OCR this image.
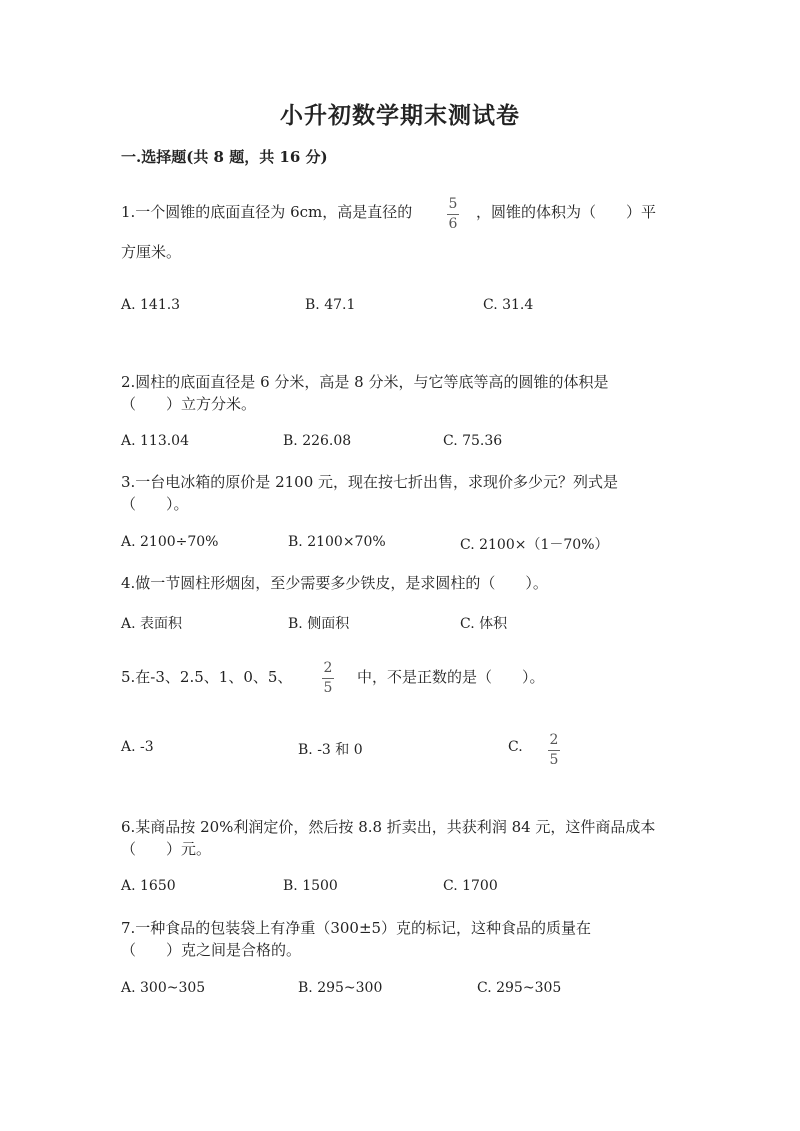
小升初数学期末测试卷
一.选择题(共 8 题，共 16 分)
1.一个圆锥的底面直径为 6cm，高是直径的	5
6
，圆锥的体积为（　　）平
方厘米。
A. 141.3	B. 47.1	C. 31.4
2.圆柱的底面直径是 6 分米，高是 8 分米，与它等底等高的圆锥的体积是
（　　）立方分米。
A. 113.04	B. 226.08	C. 75.36
3.一台电冰箱的原价是 2100 元，现在按七折出售，求现价多少元？列式是
（　　）。
A. 2100÷70%	B. 2100×70%	C. 2100×（1－70%）
4.做一节圆柱形烟囱，至少需要多少铁皮，是求圆柱的（　　）。
A. 表面积	B. 侧面积	C. 体积
5.在-3、2.5、1、0、5、 2
5
中，不是正数的是（　　）。
A. -3	B. -3 和 0	C. 2
5
6.某商品按 20%利润定价，然后按 8.8 折卖出，共获利润 84 元，这件商品成本
（　　）元。
A. 1650	B. 1500	C. 1700
7.一种食品的包装袋上有净重（300±5）克的标记，这种食品的质量在
（　　）克之间是合格的。
A. 300~305	B. 295~300	C. 295~305
